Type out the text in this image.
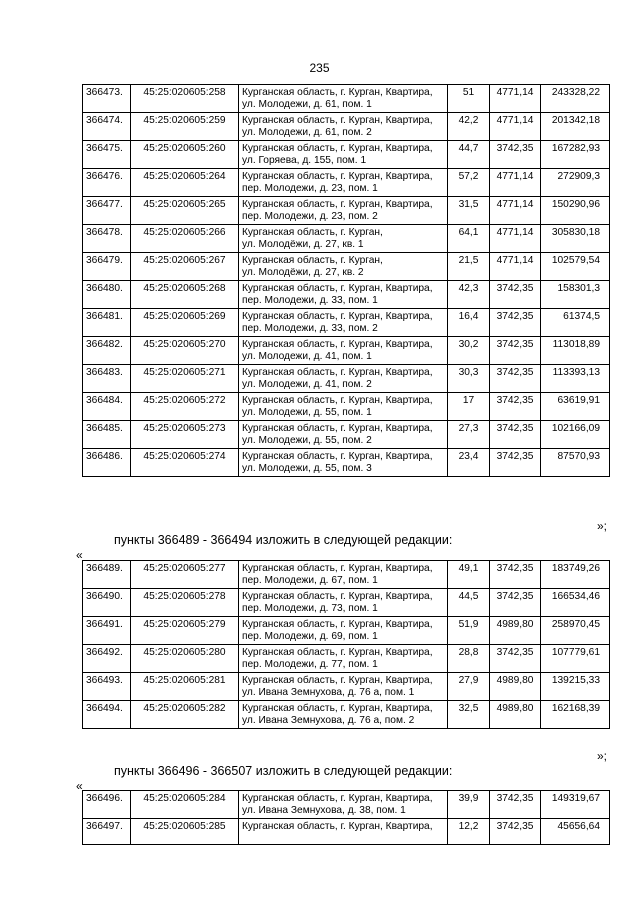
235
366473.	45:25:020605:258	Курганская область, г. Курган, Квартира,
ул. Молодежи, д. 61, пом. 1	51	4771,14	243328,22
366474.	45:25:020605:259	Курганская область, г. Курган, Квартира,
ул. Молодежи, д. 61, пом. 2	42,2	4771,14	201342,18
366475.	45:25:020605:260	Курганская область, г. Курган, Квартира,
ул. Горяева, д. 155, пом. 1	44,7	3742,35	167282,93
366476.	45:25:020605:264	Курганская область, г. Курган, Квартира,
пер. Молодежи, д. 23, пом. 1	57,2	4771,14	272909,3
366477.	45:25:020605:265	Курганская область, г. Курган, Квартира,
пер. Молодежи, д. 23, пом. 2	31,5	4771,14	150290,96
366478.	45:25:020605:266	Курганская область, г. Курган,
ул. Молодёжи, д. 27, кв. 1	64,1	4771,14	305830,18
366479.	45:25:020605:267	Курганская область, г. Курган,
ул. Молодёжи, д. 27, кв. 2	21,5	4771,14	102579,54
366480.	45:25:020605:268	Курганская область, г. Курган, Квартира,
пер. Молодежи, д. 33, пом. 1	42,3	3742,35	158301,3
366481.	45:25:020605:269	Курганская область, г. Курган, Квартира,
пер. Молодежи, д. 33, пом. 2	16,4	3742,35	61374,5
366482.	45:25:020605:270	Курганская область, г. Курган, Квартира,
ул. Молодежи, д. 41, пом. 1	30,2	3742,35	113018,89
366483.	45:25:020605:271	Курганская область, г. Курган, Квартира,
ул. Молодежи, д. 41, пом. 2	30,3	3742,35	113393,13
366484.	45:25:020605:272	Курганская область, г. Курган, Квартира,
ул. Молодежи, д. 55, пом. 1	17	3742,35	63619,91
366485.	45:25:020605:273	Курганская область, г. Курган, Квартира,
ул. Молодежи, д. 55, пом. 2	27,3	3742,35	102166,09
366486.	45:25:020605:274	Курганская область, г. Курган, Квартира,
ул. Молодежи, д. 55, пом. 3	23,4	3742,35	87570,93
»;
пункты 366489 - 366494 изложить в следующей редакции:
«
366489.	45:25:020605:277	Курганская область, г. Курган, Квартира,
пер. Молодежи, д. 67, пом. 1	49,1	3742,35	183749,26
366490.	45:25:020605:278	Курганская область, г. Курган, Квартира,
пер. Молодежи, д. 73, пом. 1	44,5	3742,35	166534,46
366491.	45:25:020605:279	Курганская область, г. Курган, Квартира,
пер. Молодежи, д. 69, пом. 1	51,9	4989,80	258970,45
366492.	45:25:020605:280	Курганская область, г. Курган, Квартира,
пер. Молодежи, д. 77, пом. 1	28,8	3742,35	107779,61
366493.	45:25:020605:281	Курганская область, г. Курган, Квартира,
ул. Ивана Земнухова, д. 76 а, пом. 1	27,9	4989,80	139215,33
366494.	45:25:020605:282	Курганская область, г. Курган, Квартира,
ул. Ивана Земнухова, д. 76 а, пом. 2	32,5	4989,80	162168,39
»;
пункты 366496 - 366507 изложить в следующей редакции:
«
366496.	45:25:020605:284	Курганская область, г. Курган, Квартира,
ул. Ивана Земнухова, д. 38, пом. 1	39,9	3742,35	149319,67
366497.	45:25:020605:285	Курганская область, г. Курган, Квартира,	12,2	3742,35	45656,64
